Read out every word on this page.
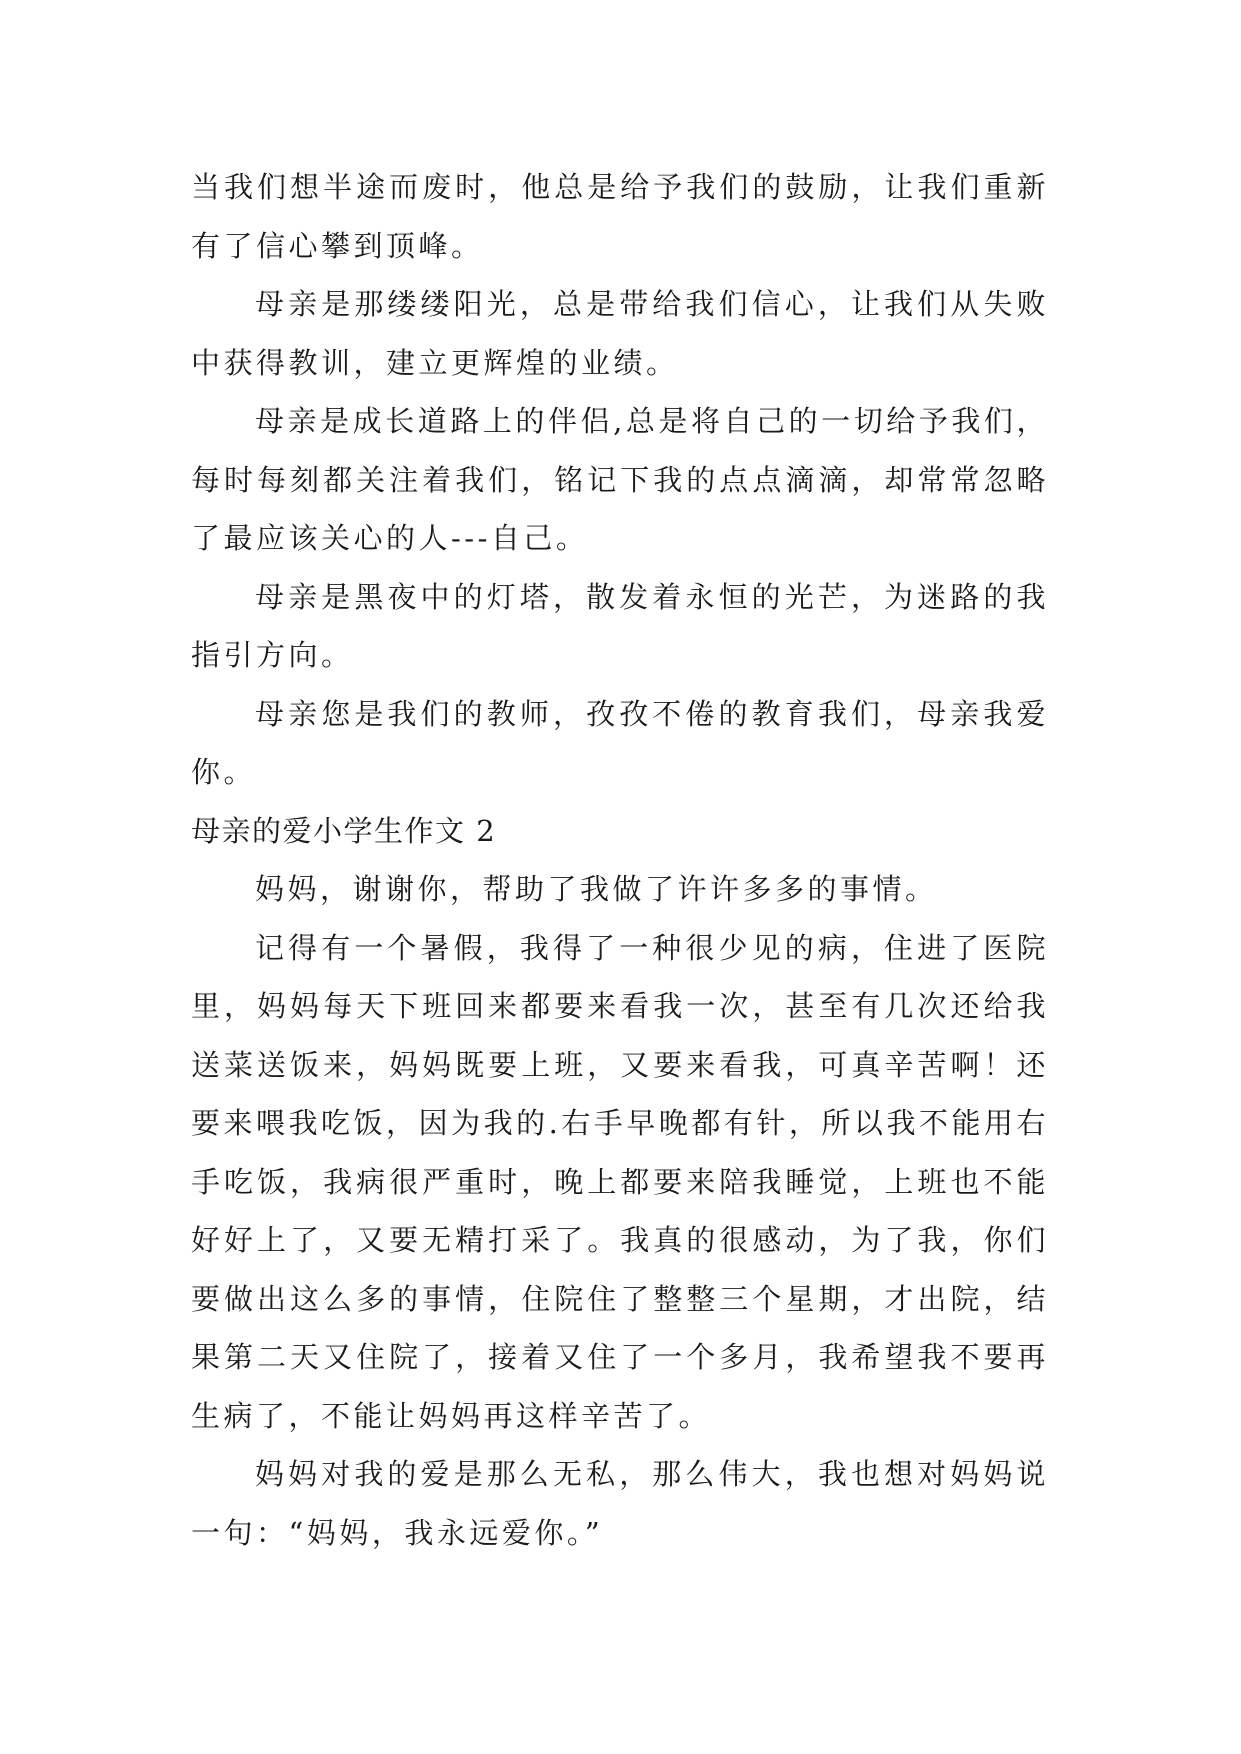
当我们想半途而废时，他总是给予我们的鼓励，让我们重新有了信心攀到顶峰。

母亲是那缕缕阳光，总是带给我们信心，让我们从失败中获得教训，建立更辉煌的业绩。

母亲是成长道路上的伴侣,总是将自己的一切给予我们，每时每刻都关注着我们，铭记下我的点点滴滴，却常常忽略了最应该关心的人---自己。

母亲是黑夜中的灯塔，散发着永恒的光芒，为迷路的我指引方向。

母亲您是我们的教师，孜孜不倦的教育我们，母亲我爱你。

母亲的爱小学生作文 2

妈妈，谢谢你，帮助了我做了许许多多的事情。

记得有一个暑假，我得了一种很少见的病，住进了医院里，妈妈每天下班回来都要来看我一次，甚至有几次还给我送菜送饭来，妈妈既要上班，又要来看我，可真辛苦啊！还要来喂我吃饭，因为我的.右手早晚都有针，所以我不能用右手吃饭，我病很严重时，晚上都要来陪我睡觉，上班也不能好好上了，又要无精打采了。我真的很感动，为了我，你们要做出这么多的事情，住院住了整整三个星期，才出院，结果第二天又住院了，接着又住了一个多月，我希望我不要再生病了，不能让妈妈再这样辛苦了。

妈妈对我的爱是那么无私，那么伟大，我也想对妈妈说一句：“妈妈，我永远爱你。”
